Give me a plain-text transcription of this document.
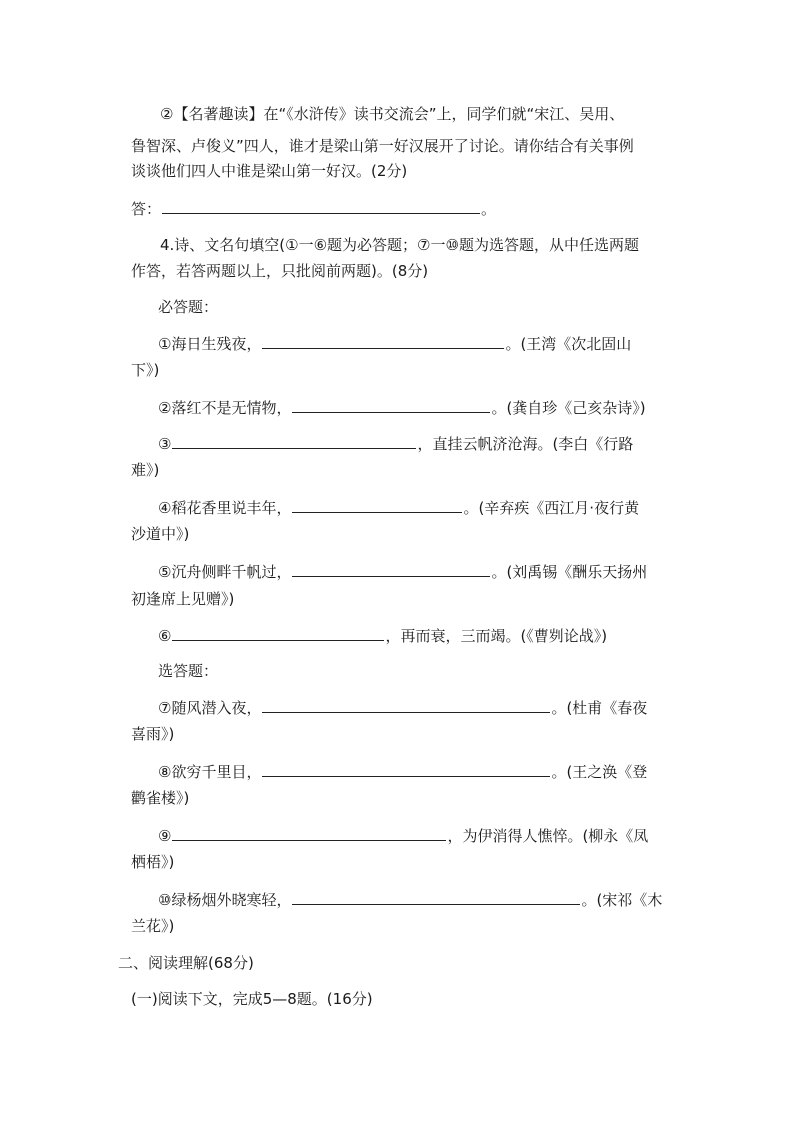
②【名著趣读】在“《水浒传》读书交流会”上，同学们就“宋江、吴用、
鲁智深、卢俊义”四人，谁才是梁山第一好汉展开了讨论。请你结合有关事例
谈谈他们四人中谁是梁山第一好汉。(2分)
答：	。
4.诗、文名句填空(①一⑥题为必答题；⑦一⑩题为选答题，从中任选两题
作答，若答两题以上，只批阅前两题)。(8分)
必答题：
①海日生残夜，	。(王湾《次北固山
下》)
②落红不是无情物，	。(龚自珍《己亥杂诗》)
③	，直挂云帆济沧海。(李白《行路
难》)
④稻花香里说丰年，	。(辛弃疾《西江月·夜行黄
沙道中》)
⑤沉舟侧畔千帆过，	。(刘禹锡《酬乐天扬州
初逢席上见赠》)
⑥	，再而衰，三而竭。(《曹刿论战》)
选答题：
⑦随风潜入夜，	。(杜甫《春夜
喜雨》)
⑧欲穷千里目，	。(王之涣《登
鹳雀楼》)
⑨	，为伊消得人憔悴。(柳永《凤
栖梧》)
⑩绿杨烟外晓寒轻，	。(宋祁《木
兰花》)
二、阅读理解(68分)
(一)阅读下文，完成5—8题。(16分)
